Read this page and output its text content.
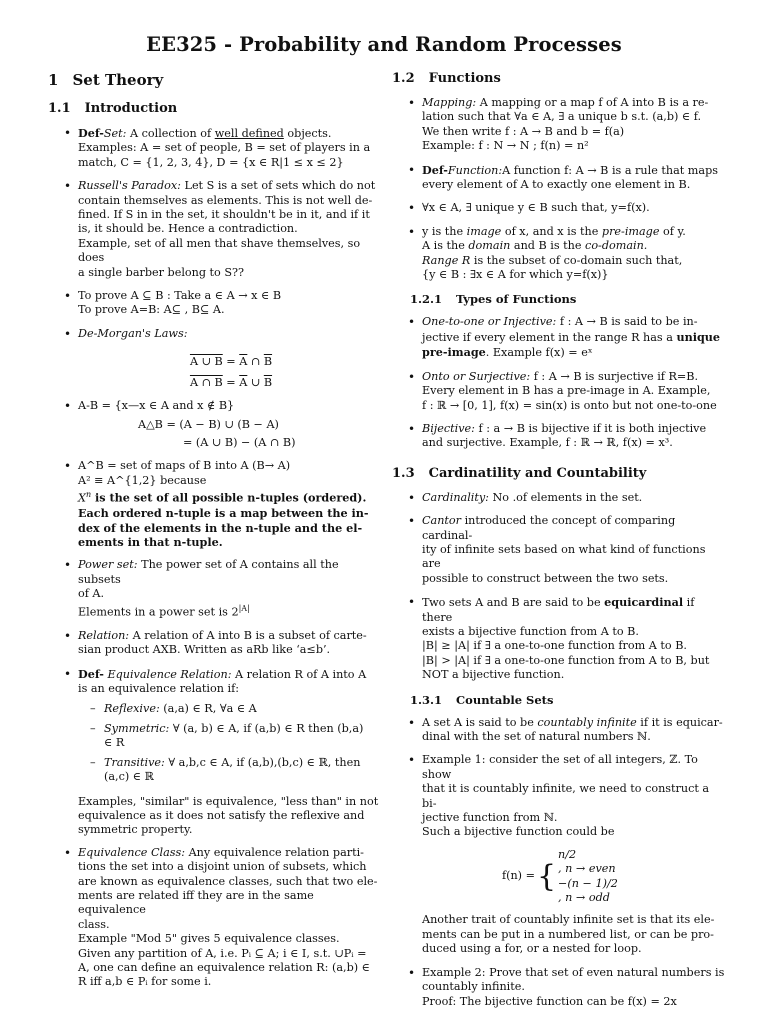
EE325 - Probability and Random Processes
1 Set Theory
1.1 Introduction
• Def-Set: A collection of well defined objects.
Examples: A = set of people, B = set of players in a
match, C = {1, 2, 3, 4}, D = {x ∈ R|1 ≤ x ≤ 2}
• Russell's Paradox: Let S is a set of sets which do not
contain themselves as elements. This is not well de-
fined. If S in in the set, it shouldn't be in it, and if it
is, it should be. Hence a contradiction.
Example, set of all men that shave themselves, so does
a single barber belong to S??
• To prove A ⊆ B : Take a ∈ A → x ∈ B
To prove A=B: A⊆ , B⊆ A.
• De-Morgan's Laws:
A ∪ $B = \overline{A}$ ∩ $\overline{B}$
A ∩ $B = \overline{A}$ ∪ $\overline{B}$
• A-B = {x—x ∈ A and x ∉ B}
A△B = (A − B) ∪ (B − A)
= (A ∪ B) − (A ∩ B)
• A^B = set of maps of B into A (B→ A)
A² ≡ A^{1,2} because
$X^n$ is the set of all possible n-tuples (ordered).
Each ordered n-tuple is a map between the in-
dex of the elements in the n-tuple and the el-
ements in that n-tuple.
• Power set: The power set of A contains all the subsets
of A.
Elements in a power set is $2^{|A|}$
• Relation: A relation of A into B is a subset of carte-
sian product AXB. Written as aRb like ‘a≤b’.
• Def- Equivalence Relation: A relation R of A into A
is an equivalence relation if:
– Reflexive: (a,a) ∈ R, ∀a ∈ A
– Symmetric: ∀ (a, b) ∈ A, if (a,b) ∈ R then (b,a)
∈ R
– Transitive: ∀ a,b,c ∈ A, if (a,b),(b,c) ∈ ℝ, then
(a,c) ∈ ℝ
Examples, "similar" is equivalence, "less than" in not
equivalence as it does not satisfy the reflexive and
symmetric property.
• Equivalence Class: Any equivalence relation parti-
tions the set into a disjoint union of subsets, which
are known as equivalence classes, such that two ele-
ments are related iff they are in the same equivalence
class.
Example "Mod 5" gives 5 equivalence classes.
Given any partition of A, i.e. Pᵢ ⊆ A; i ∈ I, s.t. ∪Pᵢ =
A, one can define an equivalence relation R: (a,b) ∈
R iff a,b ∈ Pᵢ for some i.
1.2 Functions
• Mapping: A mapping or a map f of A into B is a re-
lation such that ∀a ∈ A, ∃ a unique b s.t. (a,b) ∈ f.
We then write f : A → B and b = f(a)
Example: f : N → N ; f(n) = n²
• Def-Function:A function f: A → B is a rule that maps
every element of A to exactly one element in B.
• ∀x ∈ A, ∃ unique y ∈ B such that, y=f(x).
• y is the image of x, and x is the pre-image of y.
A is the domain and B is the co-domain.
Range R is the subset of co-domain such that,
{y ∈ B : ∃x ∈ A for which y=f(x)}
1.2.1 Types of Functions
• One-to-one or Injective: f : A → B is said to be in-
jective if every element in the range R has a unique
pre-image. Example f(x) = eˣ
• Onto or Surjective: f : A → B is surjective if R=B.
Every element in B has a pre-image in A. Example,
f : ℝ → [0, 1], f(x) = sin(x) is onto but not one-to-one
• Bijective: f : a → B is bijective if it is both injective
and surjective. Example, f : ℝ → ℝ, f(x) = x³.
1.3 Cardinatility and Countability
• Cardinality: No .of elements in the set.
• Cantor introduced the concept of comparing cardinal-
ity of infinite sets based on what kind of functions are
possible to construct between the two sets.
• Two sets A and B are said to be equicardinal if there
exists a bijective function from A to B.
|B| ≥ |A| if ∃ a one-to-one function from A to B.
|B| > |A| if ∃ a one-to-one function from A to B, but
NOT a bijective function.
1.3.1 Countable Sets
• A set A is said to be countably infinite if it is equicar-
dinal with the set of natural numbers ℕ.
• Example 1: consider the set of all integers, ℤ. To show
that it is countably infinite, we need to construct a bi-
jective function from ℕ.
Such a bijective function could be
f(n) = {
n/2
, n → even
−(n − 1)/2
, n → odd
Another trait of countably infinite set is that its ele-
ments can be put in a numbered list, or can be pro-
duced using a for, or a nested for loop.
• Example 2: Prove that set of even natural numbers is
countably infinite.
Proof: The bijective function can be f(x) = 2x
